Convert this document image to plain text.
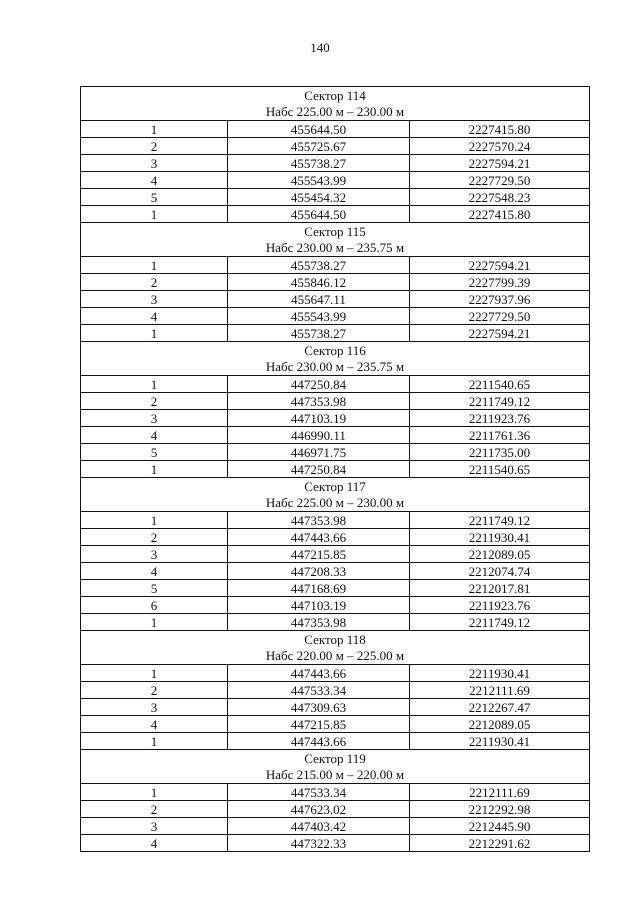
140
Сектор 114
Набс 225.00 м – 230.00 м		

1	455644.50	2227415.80
2	455725.67	2227570.24
3	455738.27	2227594.21
4	455543.99	2227729.50
5	455454.32	2227548.23
1	455644.50	2227415.80

Сектор 115
Набс 230.00 м – 235.75 м		

1	455738.27	2227594.21
2	455846.12	2227799.39
3	455647.11	2227937.96
4	455543.99	2227729.50
1	455738.27	2227594.21

Сектор 116
Набс 230.00 м – 235.75 м		

1	447250.84	2211540.65
2	447353.98	2211749.12
3	447103.19	2211923.76
4	446990.11	2211761.36
5	446971.75	2211735.00
1	447250.84	2211540.65

Сектор 117
Набс 225.00 м – 230.00 м		

1	447353.98	2211749.12
2	447443.66	2211930.41
3	447215.85	2212089.05
4	447208.33	2212074.74
5	447168.69	2212017.81
6	447103.19	2211923.76
1	447353.98	2211749.12

Сектор 118
Набс 220.00 м – 225.00 м		

1	447443.66	2211930.41
2	447533.34	2212111.69
3	447309.63	2212267.47
4	447215.85	2212089.05
1	447443.66	2211930.41

Сектор 119
Набс 215.00 м – 220.00 м		

1	447533.34	2212111.69
2	447623.02	2212292.98
3	447403.42	2212445.90
4	447322.33	2212291.62
